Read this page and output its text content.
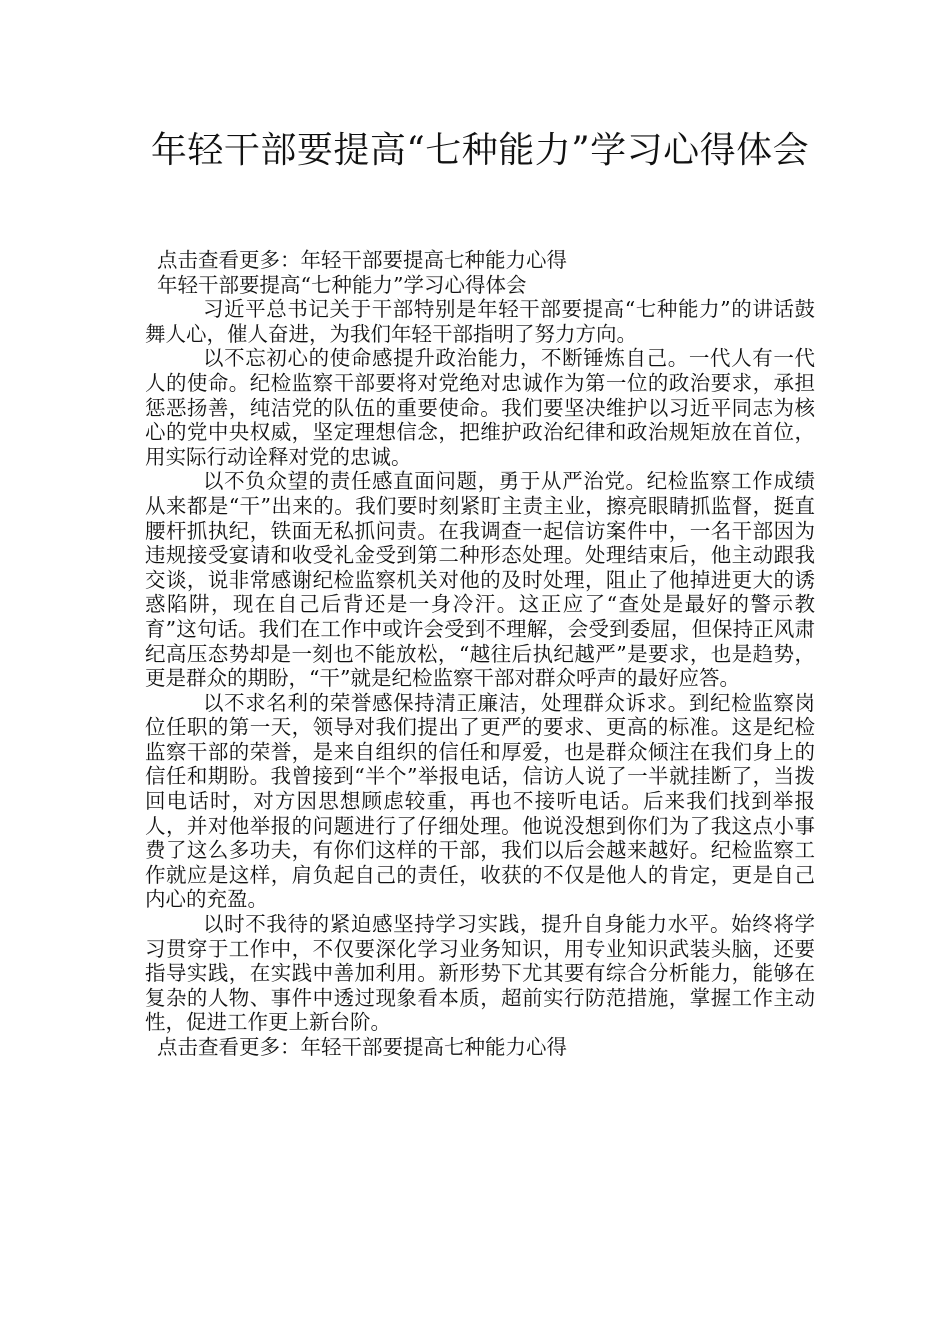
年轻干部要提高“七种能力”学习心得体会

点击查看更多：年轻干部要提高七种能力心得

年轻干部要提高“七种能力”学习心得体会

习近平总书记关于干部特别是年轻干部要提高“七种能力”的讲话鼓舞人心，催人奋进，为我们年轻干部指明了努力方向。

以不忘初心的使命感提升政治能力，不断锤炼自己。一代人有一代人的使命。纪检监察干部要将对党绝对忠诚作为第一位的政治要求，承担惩恶扬善，纯洁党的队伍的重要使命。我们要坚决维护以习近平同志为核心的党中央权威，坚定理想信念，把维护政治纪律和政治规矩放在首位，用实际行动诠释对党的忠诚。

以不负众望的责任感直面问题，勇于从严治党。纪检监察工作成绩从来都是“干”出来的。我们要时刻紧盯主责主业，擦亮眼睛抓监督，挺直腰杆抓执纪，铁面无私抓问责。在我调查一起信访案件中，一名干部因为违规接受宴请和收受礼金受到第二种形态处理。处理结束后，他主动跟我交谈，说非常感谢纪检监察机关对他的及时处理，阻止了他掉进更大的诱惑陷阱，现在自己后背还是一身冷汗。这正应了“查处是最好的警示教育”这句话。我们在工作中或许会受到不理解，会受到委屈，但保持正风肃纪高压态势却是一刻也不能放松，“越往后执纪越严”是要求，也是趋势，更是群众的期盼，“干”就是纪检监察干部对群众呼声的最好应答。

以不求名利的荣誉感保持清正廉洁，处理群众诉求。到纪检监察岗位任职的第一天，领导对我们提出了更严的要求、更高的标准。这是纪检监察干部的荣誉，是来自组织的信任和厚爱，也是群众倾注在我们身上的信任和期盼。我曾接到“半个”举报电话，信访人说了一半就挂断了，当拨回电话时，对方因思想顾虑较重，再也不接听电话。后来我们找到举报人，并对他举报的问题进行了仔细处理。他说没想到你们为了我这点小事费了这么多功夫，有你们这样的干部，我们以后会越来越好。纪检监察工作就应是这样，肩负起自己的责任，收获的不仅是他人的肯定，更是自己内心的充盈。

以时不我待的紧迫感坚持学习实践，提升自身能力水平。始终将学习贯穿于工作中，不仅要深化学习业务知识，用专业知识武装头脑，还要指导实践，在实践中善加利用。新形势下尤其要有综合分析能力，能够在复杂的人物、事件中透过现象看本质，超前实行防范措施，掌握工作主动性，促进工作更上新台阶。

点击查看更多：年轻干部要提高七种能力心得
